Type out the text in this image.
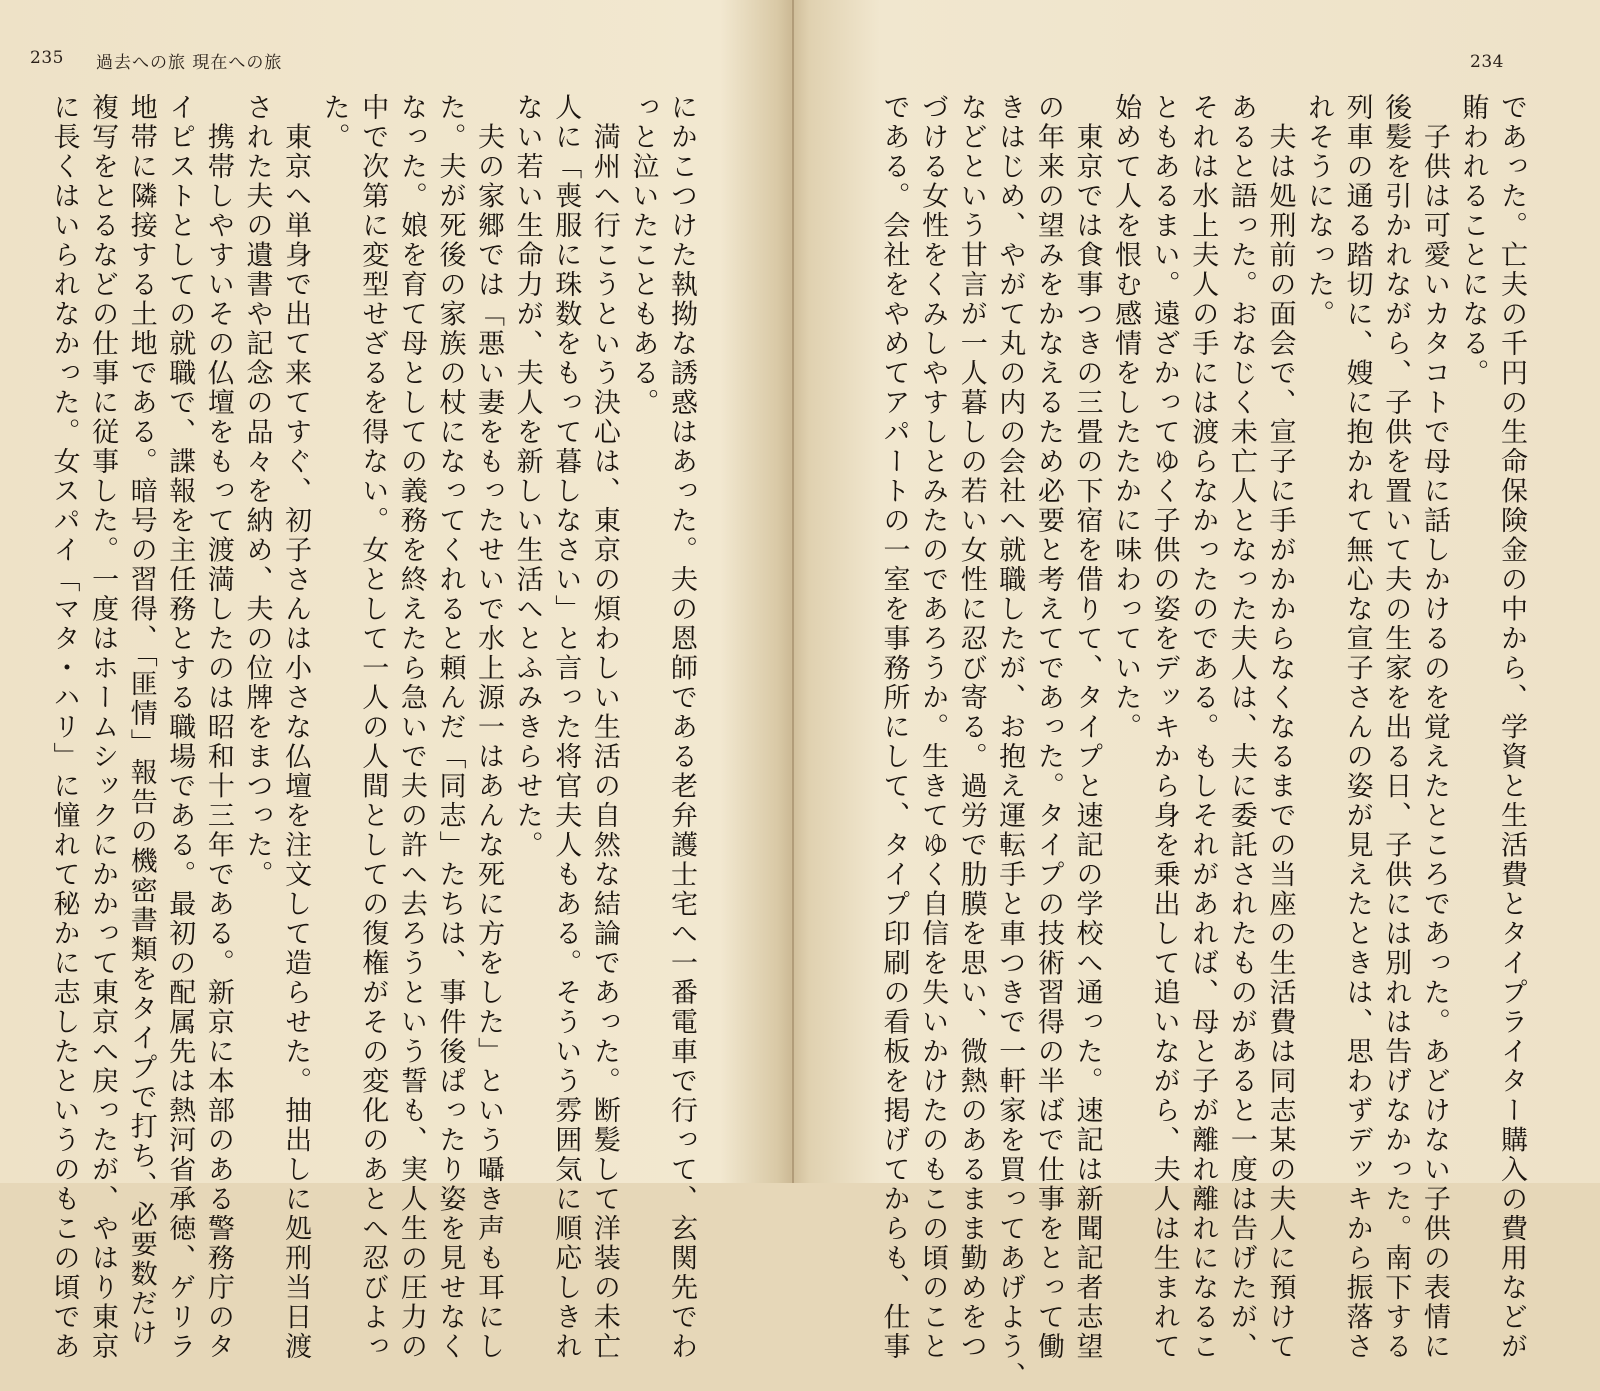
235 過去への旅 現在への旅

にかこつけた執拗な誘惑はあった。夫の恩師である老弁護士宅へ一番電車で行って、玄関先でわ
っと泣いたこともある。
　満州へ行こうという決心は、東京の煩わしい生活の自然な結論であった。断髪して洋装の未亡
人に「喪服に珠数をもって暮しなさい」と言った将官夫人もある。そういう雰囲気に順応しきれ
ない若い生命力が、夫人を新しい生活へとふみきらせた。
　夫の家郷では「悪い妻をもったせいで水上源一はあんな死に方をした」という囁き声も耳にし
た。夫が死後の家族の杖になってくれると頼んだ「同志」たちは、事件後ぱったり姿を見せなく
なった。娘を育て母としての義務を終えたら急いで夫の許へ去ろうという誓も、実人生の圧力の
中で次第に変型せざるを得ない。女として一人の人間としての復権がその変化のあとへ忍びよっ
た。
　東京へ単身で出て来てすぐ、初子さんは小さな仏壇を注文して造らせた。抽出しに処刑当日渡
された夫の遺書や記念の品々を納め、夫の位牌をまつった。
　携帯しやすいその仏壇をもって渡満したのは昭和十三年である。新京に本部のある警務庁のタ
イピストとしての就職で、諜報を主任務とする職場である。最初の配属先は熱河省承徳、ゲリラ
地帯に隣接する土地である。暗号の習得、「匪情」報告の機密書類をタイプで打ち、必要数だけ
複写をとるなどの仕事に従事した。一度はホームシックにかかって東京へ戻ったが、やはり東京
に長くはいられなかった。女スパイ「マタ・ハリ」に憧れて秘かに志したというのもこの頃であ

234

であった。亡夫の千円の生命保険金の中から、学資と生活費とタイプライター購入の費用などが
賄われることになる。
　子供は可愛いカタコトで母に話しかけるのを覚えたところであった。あどけない子供の表情に
後髪を引かれながら、子供を置いて夫の生家を出る日、子供には別れは告げなかった。南下する
列車の通る踏切に、嫂に抱かれて無心な宣子さんの姿が見えたときは、思わずデッキから振落さ
れそうになった。
　夫は処刑前の面会で、宣子に手がかからなくなるまでの当座の生活費は同志某の夫人に預けて
あると語った。おなじく未亡人となった夫人は、夫に委託されたものがあると一度は告げたが、
それは水上夫人の手には渡らなかったのである。もしそれがあれば、母と子が離れ離れになるこ
ともあるまい。遠ざかってゆく子供の姿をデッキから身を乗出して追いながら、夫人は生まれて
始めて人を恨む感情をしたたかに味わっていた。
　東京では食事つきの三畳の下宿を借りて、タイプと速記の学校へ通った。速記は新聞記者志望
の年来の望みをかなえるため必要と考えてであった。タイプの技術習得の半ばで仕事をとって働
きはじめ、やがて丸の内の会社へ就職したが、お抱え運転手と車つきで一軒家を買ってあげよう、
などという甘言が一人暮しの若い女性に忍び寄る。過労で肋膜を思い、微熱のあるまま勤めをつ
づける女性をくみしやすしとみたのであろうか。生きてゆく自信を失いかけたのもこの頃のこと
である。会社をやめてアパートの一室を事務所にして、タイプ印刷の看板を掲げてからも、仕事
